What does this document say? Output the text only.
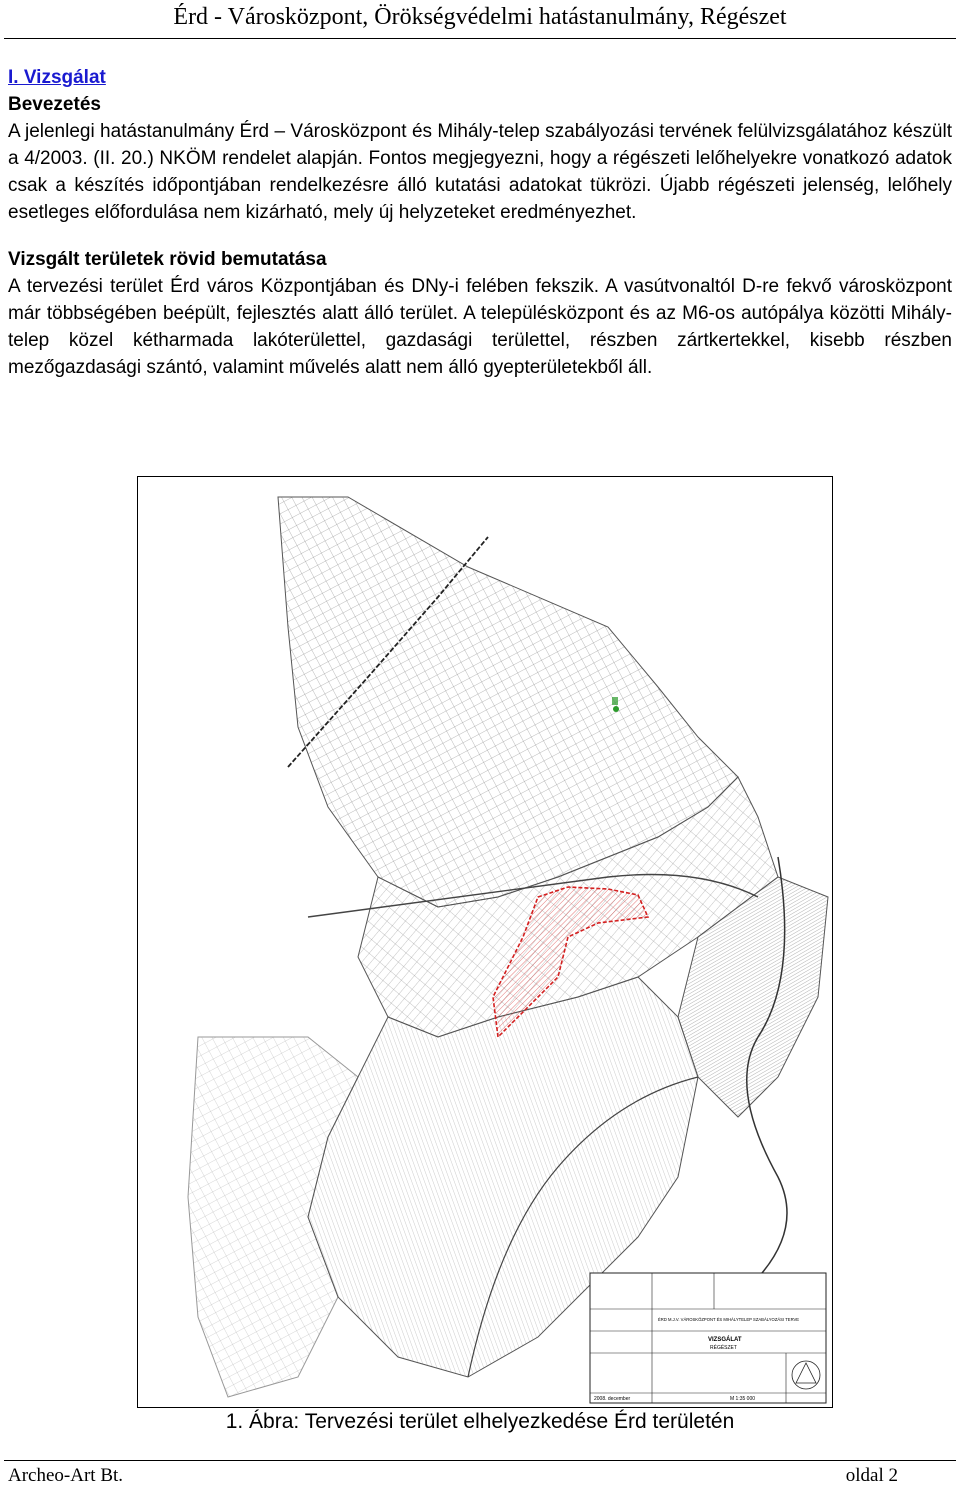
Érd - Városközpont, Örökségvédelmi hatástanulmány, Régészet
I. Vizsgálat
Bevezetés

A jelenlegi hatástanulmány Érd – Városközpont és Mihály-telep szabályozási tervének felülvizsgálatához készült a 4/2003. (II. 20.) NKÖM rendelet alapján. Fontos megjegyezni, hogy a régészeti lelőhelyekre vonatkozó adatok csak a készítés időpontjában rendelkezésre álló kutatási adatokat tükrözi. Újabb régészeti jelenség, lelőhely esetleges előfordulása nem kizárható, mely új helyzeteket eredményezhet.

Vizsgált területek rövid bemutatása

A tervezési terület Érd város Központjában és DNy-i felében fekszik. A vasútvonaltól D-re fekvő városközpont már többségében beépült, fejlesztés alatt álló terület. A településközpont és az M6-os autópálya közötti Mihály-telep közel kétharmada lakóterülettel, gazdasági területtel, részben zártkertekkel, kisebb részben mezőgazdasági szántó, valamint művelés alatt nem álló gyepterületekből áll.

ÉRD M.J.V. VÁROSKÖZPONT ÉS MIHÁLYTELEP SZABÁLYOZÁSI TERVE
VIZSGÁLAT
RÉGÉSZET
2008. december	M 1:35 000
1. Ábra: Tervezési terület elhelyezkedése Érd területén
Archeo-Art Bt.	oldal 2
